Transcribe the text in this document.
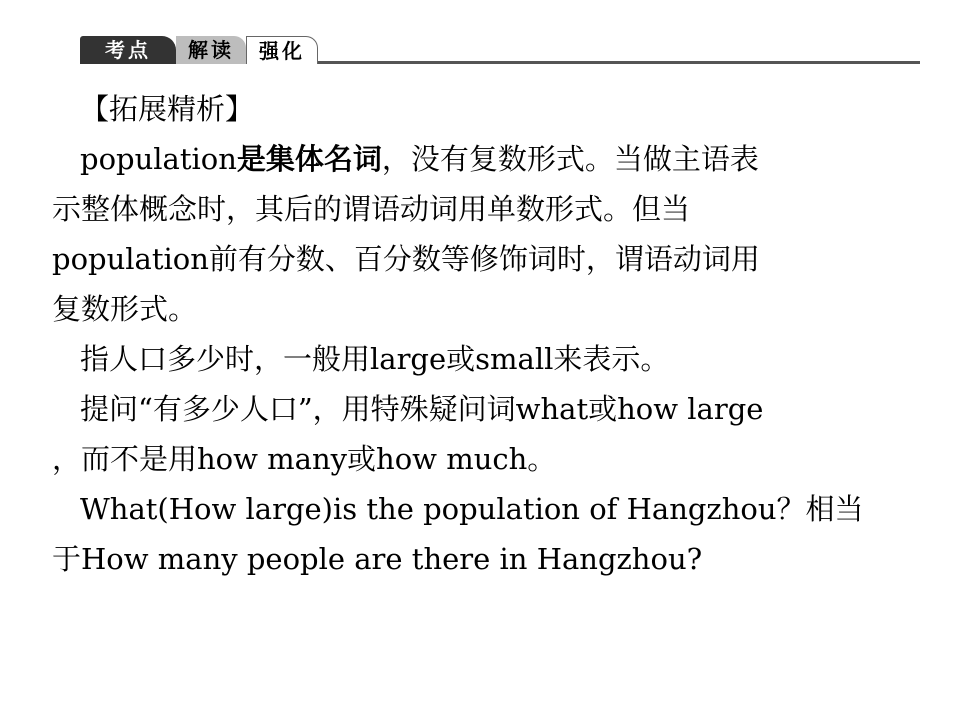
考点	解读	强化
【拓展精析】
population是集体名词，没有复数形式。当做主语表
示整体概念时，其后的谓语动词用单数形式。但当
population前有分数、百分数等修饰词时，谓语动词用
复数形式。
指人口多少时，一般用large或small来表示。
提问“有多少人口”，用特殊疑问词what或how large
，而不是用how many或how much。
What(How large)is the population of Hangzhou？相当
于How many people are there in Hangzhou?
